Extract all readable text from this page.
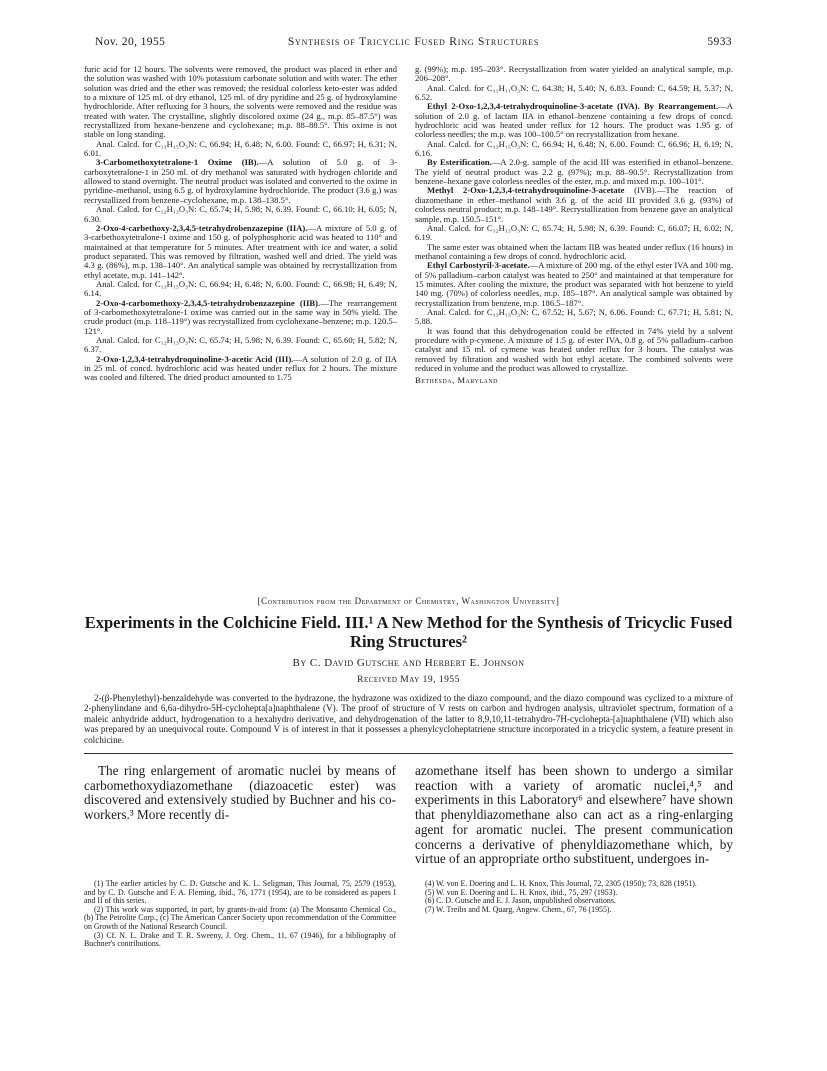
Nov. 20, 1955	Synthesis of Tricyclic Fused Ring Structures	5933

furic acid for 12 hours. The solvents were removed, the product was placed in ether and the solution was washed with 10% potassium carbonate solution and with water. The ether solution was dried and the ether was removed; the residual colorless keto-ester was added to a mixture of 125 ml. of dry ethanol, 125 ml. of dry pyridine and 25 g. of hydroxylamine hydrochloride. After refluxing for 3 hours, the solvents were removed and the residue was treated with water. The crystalline, slightly discolored oxime (24 g., m.p. 85–87.5°) was recrystallized from hexane-benzene and cyclohexane; m.p. 88–88.5°. This oxime is not stable on long standing.

Anal. Calcd. for C₁₃H₁₅O₃N: C, 66.94; H, 6.48; N, 6.00. Found: C, 66.97; H, 6.31; N, 6.01.

3-Carbomethoxytetralone-1 Oxime (IB).—A solution of 5.0 g. of 3-carboxytetralone-1 in 250 ml. of dry methanol was saturated with hydrogen chloride and allowed to stand overnight. The neutral product was isolated and converted to the oxime in pyridine–methanol, using 6.5 g. of hydroxylamine hydrochloride. The product (3.6 g.) was recrystallized from benzene–cyclohexane, m.p. 138–138.5°.

Anal. Calcd. for C₁₂H₁₃O₃N: C, 65.74; H, 5.98; N, 6.39. Found: C, 66.10; H, 6.05; N, 6.30.

2-Oxo-4-carbethoxy-2,3,4,5-tetrahydrobenzazepine (IIA).—A mixture of 5.0 g. of 3-carbethoxytetralone-1 oxime and 150 g. of polyphosphoric acid was heated to 110° and maintained at that temperature for 5 minutes. After treatment with ice and water, a solid product separated. This was removed by filtration, washed well and dried. The yield was 4.3 g. (86%), m.p. 138–140°. An analytical sample was obtained by recrystallization from ethyl acetate, m.p. 141–142°.

Anal. Calcd. for C₁₃H₁₅O₃N: C, 66.94; H, 6.48; N, 6.00. Found: C, 66.98; H, 6.49; N, 6.14.

2-Oxo-4-carbomethoxy-2,3,4,5-tetrahydrobenzazepine (IIB).—The rearrangement of 3-carbomethoxytetralone-1 oxime was carried out in the same way in 50% yield. The crude product (m.p. 118–119°) was recrystallized from cyclohexane–benzene; m.p. 120.5–121°.

Anal. Calcd. for C₁₂H₁₃O₃N: C, 65.74; H, 5.98; N, 6.39. Found: C, 65.60; H, 5.82; N, 6.37.

2-Oxo-1,2,3,4-tetrahydroquinoline-3-acetic Acid (III).—A solution of 2.0 g. of IIA in 25 ml. of concd. hydrochloric acid was heated under reflux for 2 hours. The mixture was cooled and filtered. The dried product amounted to 1.75

g. (99%); m.p. 195–203°. Recrystallization from water yielded an analytical sample, m.p. 206–208°.

Anal. Calcd. for C₁₁H₁₁O₃N: C, 64.38; H, 5.40; N, 6.83. Found: C, 64.59; H, 5.37; N, 6.52.

Ethyl 2-Oxo-1,2,3,4-tetrahydroquinoline-3-acetate (IVA). By Rearrangement.—A solution of 2.0 g. of lactam IIA in ethanol–benzene containing a few drops of concd. hydrochloric acid was heated under reflux for 12 hours. The product was 1.95 g. of colorless needles; the m.p. was 100–100.5° on recrystallization from hexane.

Anal. Calcd. for C₁₃H₁₅O₃N: C, 66.94; H, 6.48; N, 6.00. Found: C, 66.96; H, 6.19; N, 6.16.

By Esterification.—A 2.0-g. sample of the acid III was esterified in ethanol–benzene. The yield of neutral product was 2.2 g. (97%); m.p. 88–90.5°. Recrystallization from benzene–hexane gave colorless needles of the ester, m.p. and mixed m.p. 100–101°.

Methyl 2-Oxo-1,2,3,4-tetrahydroquinoline-3-acetate (IVB).—The reaction of diazomethane in ether–methanol with 3.6 g. of the acid III provided 3.6 g. (93%) of colorless neutral product; m.p. 148–149°. Recrystallization from benzene gave an analytical sample, m.p. 150.5–151°.

Anal. Calcd. for C₁₂H₁₃O₃N: C, 65.74; H, 5.98; N, 6.39. Found: C, 66.07; H, 6.02; N, 6.19.

The same ester was obtained when the lactam IIB was heated under reflux (16 hours) in methanol containing a few drops of concd. hydrochloric acid.

Ethyl Carbostyril-3-acetate.—A mixture of 200 mg. of the ethyl ester IVA and 100 mg. of 5% palladium–carbon catalyst was heated to 250° and maintained at that temperature for 15 minutes. After cooling the mixture, the product was separated with hot benzene to yield 140 mg. (70%) of colorless needles, m.p. 185–187°. An analytical sample was obtained by recrystallization from benzene, m.p. 186.5–187°.

Anal. Calcd. for C₁₃H₁₃O₃N: C, 67.52; H, 5.67; N, 6.06. Found: C, 67.71; H, 5.81; N, 5.88.

It was found that this dehydrogenation could be effected in 74% yield by a solvent procedure with p-cymene. A mixture of 1.5 g. of ester IVA, 0.8 g. of 5% palladium–carbon catalyst and 15 ml. of cymene was heated under reflux for 3 hours. The catalyst was removed by filtration and washed with hot ethyl acetate. The combined solvents were reduced in volume and the product was allowed to crystallize.

Bethesda, Maryland

[Contribution from the Department of Chemistry, Washington University]
Experiments in the Colchicine Field. III.¹ A New Method for the Synthesis of Tricyclic Fused Ring Structures²
By C. David Gutsche and Herbert E. Johnson
Received May 19, 1955
2-(β-Phenylethyl)-benzaldehyde was converted to the hydrazone, the hydrazone was oxidized to the diazo compound, and the diazo compound was cyclized to a mixture of 2-phenylindane and 6,6a-dihydro-5H-cyclohepta[a]naphthalene (V). The proof of structure of V rests on carbon and hydrogen analysis, ultraviolet spectrum, formation of a maleic anhydride adduct, hydrogenation to a hexahydro derivative, and dehydrogenation of the latter to 8,9,10,11-tetrahydro-7H-cyclohepta-[a]naphthalene (VII) which also was prepared by an unequivocal route. Compound V is of interest in that it possesses a phenylcycloheptatriene structure incorporated in a tricyclic system, a feature present in colchicine.

The ring enlargement of aromatic nuclei by means of carbomethoxydiazomethane (diazoacetic ester) was discovered and extensively studied by Buchner and his co-workers.³ More recently di-

azomethane itself has been shown to undergo a similar reaction with a variety of aromatic nuclei,⁴,⁵ and experiments in this Laboratory⁶ and elsewhere⁷ have shown that phenyldiazomethane also can act as a ring-enlarging agent for aromatic nuclei. The present communication concerns a derivative of phenyldiazomethane which, by virtue of an appropriate ortho substituent, undergoes in-

(1) The earlier articles by C. D. Gutsche and K. L. Seligman, This Journal, 75, 2579 (1953), and by C. D. Gutsche and F. A. Fleming, ibid., 76, 1771 (1954), are to be considered as papers I and II of this series.

(2) This work was supported, in part, by grants-in-aid from: (a) The Monsanto Chemical Co., (b) The Petrolite Corp., (c) The American Cancer Society upon recommendation of the Committee on Growth of the National Research Council.

(3) Cf. N. L. Drake and T. R. Sweeny, J. Org. Chem., 11, 67 (1946), for a bibliography of Buchner's contributions.

(4) W. von E. Doering and L. H. Knox, This Journal, 72, 2305 (1950); 73, 828 (1951).

(5) W. von E. Doering and L. H. Knox, ibid., 75, 297 (1953).

(6) C. D. Gutsche and E. J. Jason, unpublished observations.

(7) W. Treibs and M. Quarg, Angew. Chem., 67, 76 (1955).
